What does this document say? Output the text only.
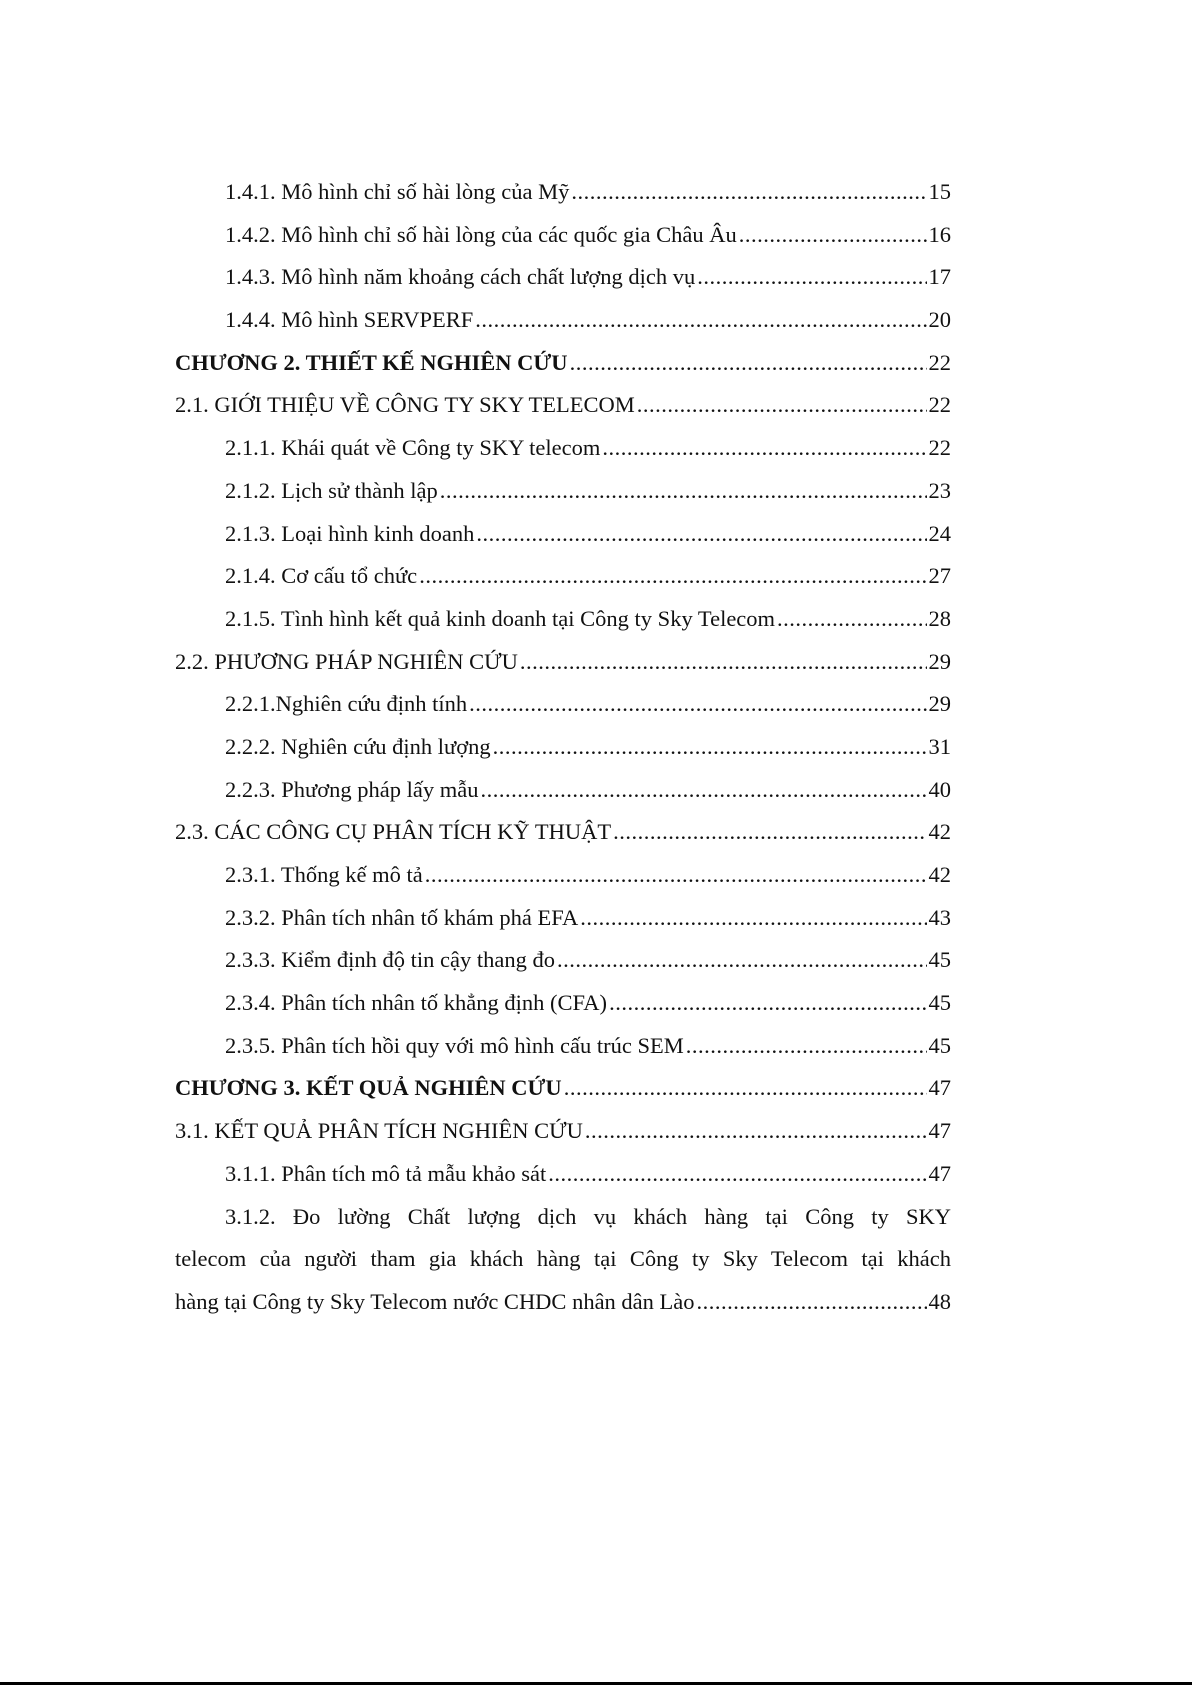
1.4.1. Mô hình chỉ số hài lòng của Mỹ .....	15
1.4.2. Mô hình chỉ số hài lòng của các quốc gia Châu Âu .....	16
1.4.3. Mô hình năm khoảng cách chất lượng dịch vụ .....	17
1.4.4. Mô hình SERVPERF .....	20
CHƯƠNG 2. THIẾT KẾ NGHIÊN CỨU .....	22
2.1. GIỚI THIỆU VỀ CÔNG TY SKY TELECOM .....	22
2.1.1. Khái quát về Công ty SKY telecom .....	22
2.1.2. Lịch sử thành lập .....	23
2.1.3. Loại hình kinh doanh .....	24
2.1.4. Cơ cấu tổ chức .....	27
2.1.5. Tình hình kết quả kinh doanh tại Công ty Sky Telecom .....	28
2.2. PHƯƠNG PHÁP NGHIÊN CỨU .....	29
2.2.1.Nghiên cứu định tính .....	29
2.2.2. Nghiên cứu định lượng .....	31
2.2.3. Phương pháp lấy mẫu .....	40
2.3. CÁC CÔNG CỤ PHÂN TÍCH KỸ THUẬT .....	42
2.3.1. Thống kế mô tả .....	42
2.3.2. Phân tích nhân tố khám phá EFA .....	43
2.3.3. Kiểm định độ tin cậy thang đo .....	45
2.3.4. Phân tích nhân tố khẳng định (CFA) .....	45
2.3.5. Phân tích hồi quy với mô hình cấu trúc SEM .....	45
CHƯƠNG 3. KẾT QUẢ NGHIÊN CỨU .....	47
3.1. KẾT QUẢ PHÂN TÍCH NGHIÊN CỨU .....	47
3.1.1. Phân tích mô tả mẫu khảo sát .....	47
3.1.2. Đo lường Chất lượng dịch vụ khách hàng tại Công ty SKY
telecom của người tham gia khách hàng tại Công ty Sky Telecom tại khách
hàng tại Công ty Sky Telecom nước CHDC nhân dân Lào .....	48
